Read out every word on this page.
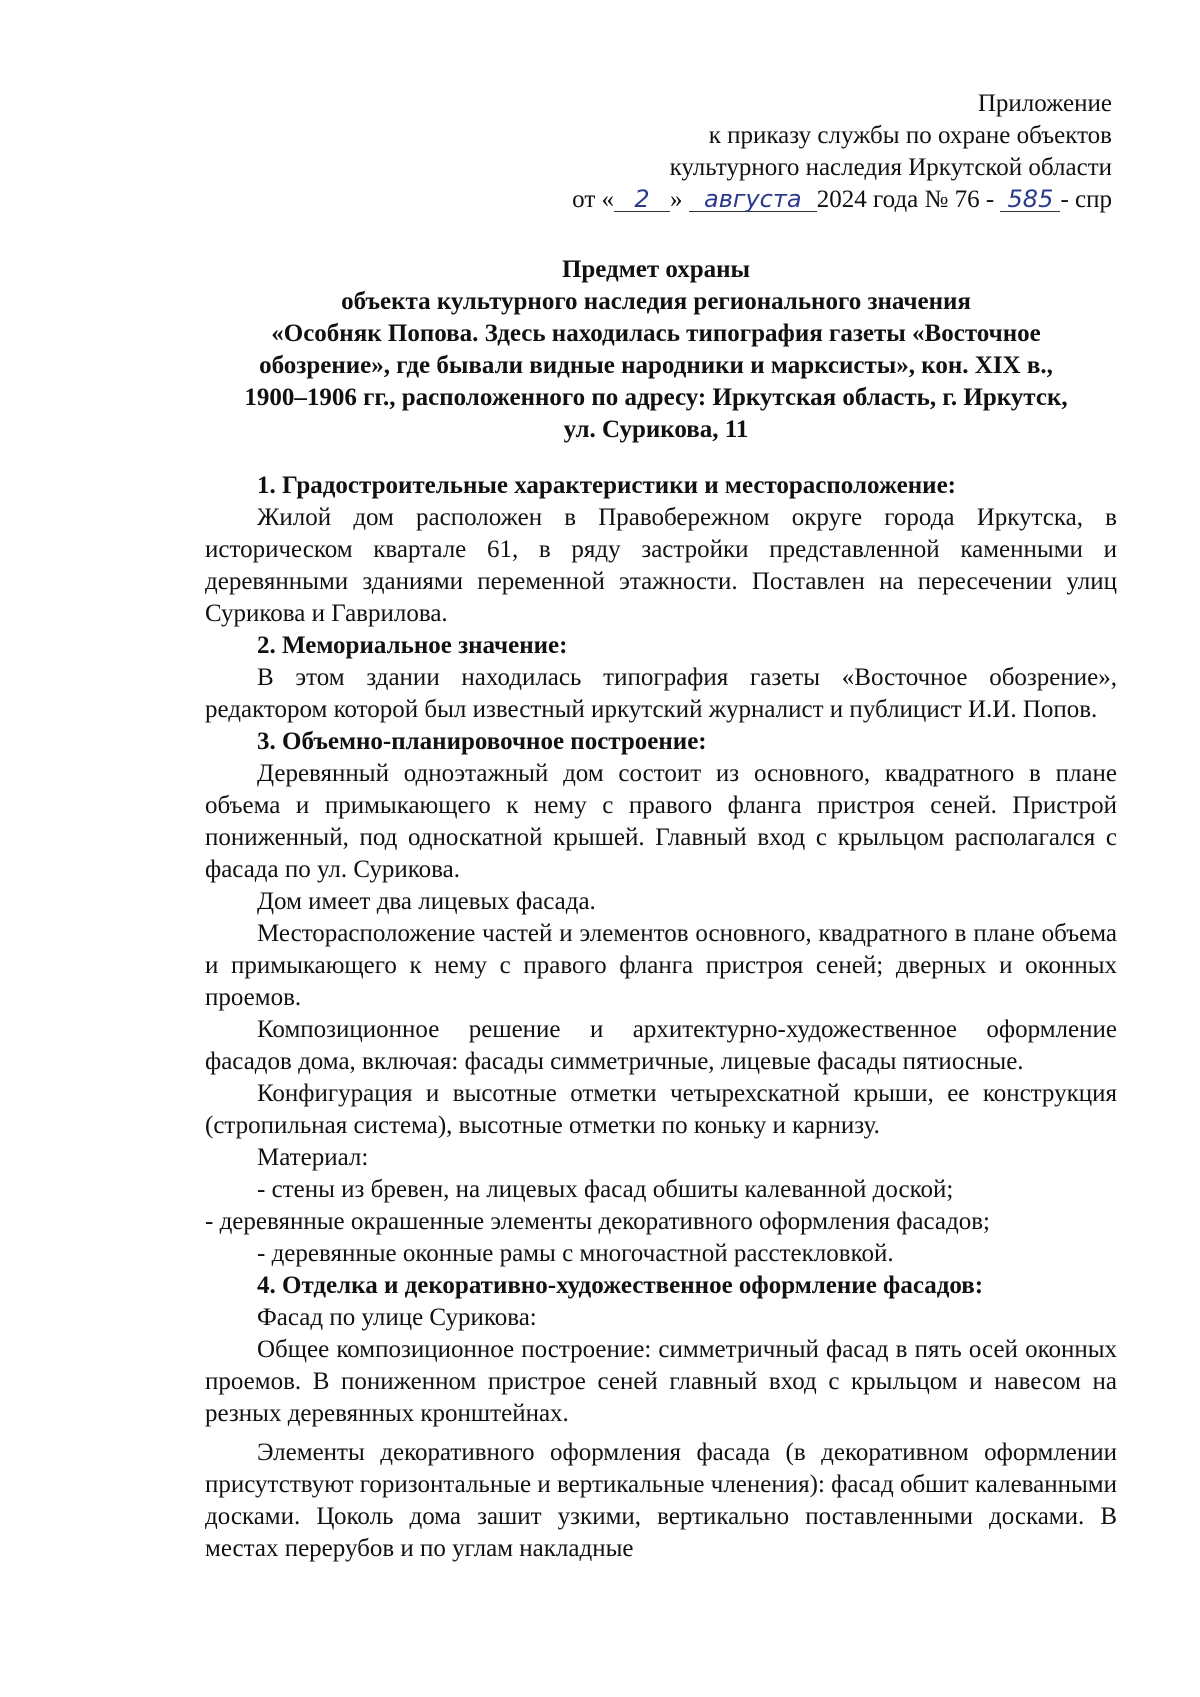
Приложение
к приказу службы по охране объектов
культурного наследия Иркутской области
от « 2 » августа 2024 года № 76 - 585 - спр
Предмет охраны
объекта культурного наследия регионального значения
«Особняк Попова. Здесь находилась типография газеты «Восточное
обозрение», где бывали видные народники и марксисты», кон. XIX в.,
1900–1906 гг., расположенного по адресу: Иркутская область, г. Иркутск,
ул. Сурикова, 11

1. Градостроительные характеристики и месторасположение:

Жилой дом расположен в Правобережном округе города Иркутска, в историческом квартале 61, в ряду застройки представленной каменными и деревянными зданиями переменной этажности. Поставлен на пересечении улиц Сурикова и Гаврилова.

2. Мемориальное значение:

В этом здании находилась типография газеты «Восточное обозрение», редактором которой был известный иркутский журналист и публицист И.И. Попов.

3. Объемно-планировочное построение:

Деревянный одноэтажный дом состоит из основного, квадратного в плане объема и примыкающего к нему с правого фланга пристроя сеней. Пристрой пониженный, под односкатной крышей. Главный вход с крыльцом располагался с фасада по ул. Сурикова.

Дом имеет два лицевых фасада.

Месторасположение частей и элементов основного, квадратного в плане объема и примыкающего к нему с правого фланга пристроя сеней; дверных и оконных проемов.

Композиционное решение и архитектурно-художественное оформление фасадов дома, включая: фасады симметричные, лицевые фасады пятиосные.

Конфигурация и высотные отметки четырехскатной крыши, ее конструкция (стропильная система), высотные отметки по коньку и карнизу.

Материал:

- стены из бревен, на лицевых фасад обшиты калеванной доской;

- деревянные окрашенные элементы декоративного оформления фасадов;

- деревянные оконные рамы с многочастной расстекловкой.

4. Отделка и декоративно-художественное оформление фасадов:

Фасад по улице Сурикова:

Общее композиционное построение: симметричный фасад в пять осей оконных проемов. В пониженном пристрое сеней главный вход с крыльцом и навесом на резных деревянных кронштейнах.

Элементы декоративного оформления фасада (в декоративном оформлении присутствуют горизонтальные и вертикальные членения): фасад обшит калеванными досками. Цоколь дома зашит узкими, вертикально поставленными досками. В местах перерубов и по углам накладные
